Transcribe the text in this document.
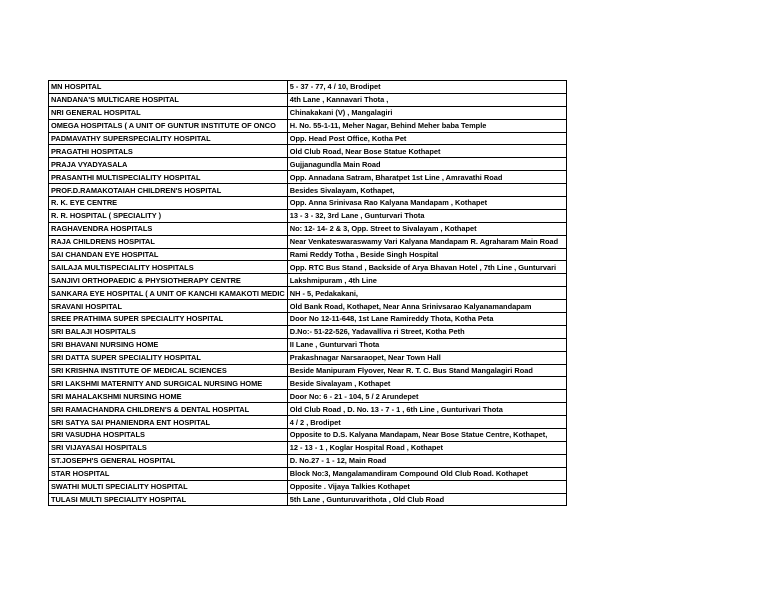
MN HOSPITAL	5 - 37 - 77, 4 / 10, Brodipet
NANDANA'S MULTICARE HOSPITAL	4th Lane , Kannavari Thota ,
NRI GENERAL HOSPITAL	Chinakakani (V) , Mangalagiri
OMEGA HOSPITALS ( A UNIT OF GUNTUR INSTITUTE OF ONCO	H. No. 55-1-11, Meher Nagar, Behind Meher baba Temple
PADMAVATHY SUPERSPECIALITY HOSPITAL	Opp. Head Post Office, Kotha Pet
PRAGATHI HOSPITALS	Old Club Road, Near Bose Statue Kothapet
PRAJA VYADYASALA	Gujjanagundla Main Road
PRASANTHI MULTISPECIALITY HOSPITAL	Opp. Annadana Satram, Bharatpet 1st Line , Amravathi Road
PROF.D.RAMAKOTAIAH CHILDREN'S HOSPITAL	Besides Sivalayam, Kothapet,
R. K. EYE CENTRE	Opp. Anna Srinivasa Rao Kalyana Mandapam , Kothapet
R. R. HOSPITAL ( SPECIALITY )	13 - 3 - 32, 3rd Lane , Gunturvari Thota
RAGHAVENDRA HOSPITALS	No: 12- 14- 2 & 3, Opp. Street to Sivalayam , Kothapet
RAJA CHILDRENS HOSPITAL	Near Venkateswaraswamy Vari Kalyana Mandapam R. Agraharam Main Road
SAI CHANDAN EYE HOSPITAL	Rami Reddy Totha , Beside Singh Hospital
SAILAJA MULTISPECIALITY HOSPITALS	Opp. RTC Bus Stand , Backside of Arya Bhavan Hotel , 7th Line , Gunturvari
SANJIVI ORTHOPAEDIC & PHYSIOTHERAPY CENTRE	Lakshmipuram , 4th Line
SANKARA EYE HOSPITAL ( A UNIT OF KANCHI KAMAKOTI MEDIC	NH - 5, Pedakakani,
SRAVANI HOSPITAL	Old Bank Road, Kothapet, Near Anna Srinivsarao Kalyanamandapam
SREE PRATHIMA SUPER SPECIALITY HOSPITAL	Door No 12-11-648, 1st Lane Ramireddy Thota, Kotha Peta
SRI BALAJI HOSPITALS	D.No:- 51-22-526, Yadavalliva ri Street, Kotha Peth
SRI BHAVANI NURSING HOME	II Lane , Gunturvari Thota
SRI DATTA SUPER SPECIALITY HOSPITAL	Prakashnagar Narsaraopet, Near Town Hall
SRI KRISHNA INSTITUTE OF MEDICAL SCIENCES	Beside Manipuram Flyover, Near R. T. C. Bus Stand Mangalagiri Road
SRI LAKSHMI MATERNITY AND SURGICAL NURSING HOME	Beside Sivalayam , Kothapet
SRI MAHALAKSHMI NURSING HOME	Door No: 6 - 21 - 104, 5 / 2 Arundepet
SRI RAMACHANDRA CHILDREN'S & DENTAL HOSPITAL	Old Club Road , D. No. 13 - 7 - 1 , 6th Line , Gunturivari Thota
SRI SATYA SAI PHANIENDRA ENT HOSPITAL	4 / 2 , Brodipet
SRI VASUDHA HOSPITALS	Opposite to D.S. Kalyana Mandapam, Near Bose Statue Centre, Kothapet,
SRI VIJAYASAI HOSPITALS	12 - 13 - 1 , Koglar Hospital Road , Kothapet
ST.JOSEPH'S GENERAL HOSPITAL	D. No.27 - 1 - 12, Main Road
STAR HOSPITAL	Block No:3, Mangalamandiram Compound Old Club Road. Kothapet
SWATHI MULTI SPECIALITY HOSPITAL	Opposite . Vijaya Talkies Kothapet
TULASI MULTI SPECIALITY HOSPITAL	5th Lane , Gunturuvarithota , Old Club Road
